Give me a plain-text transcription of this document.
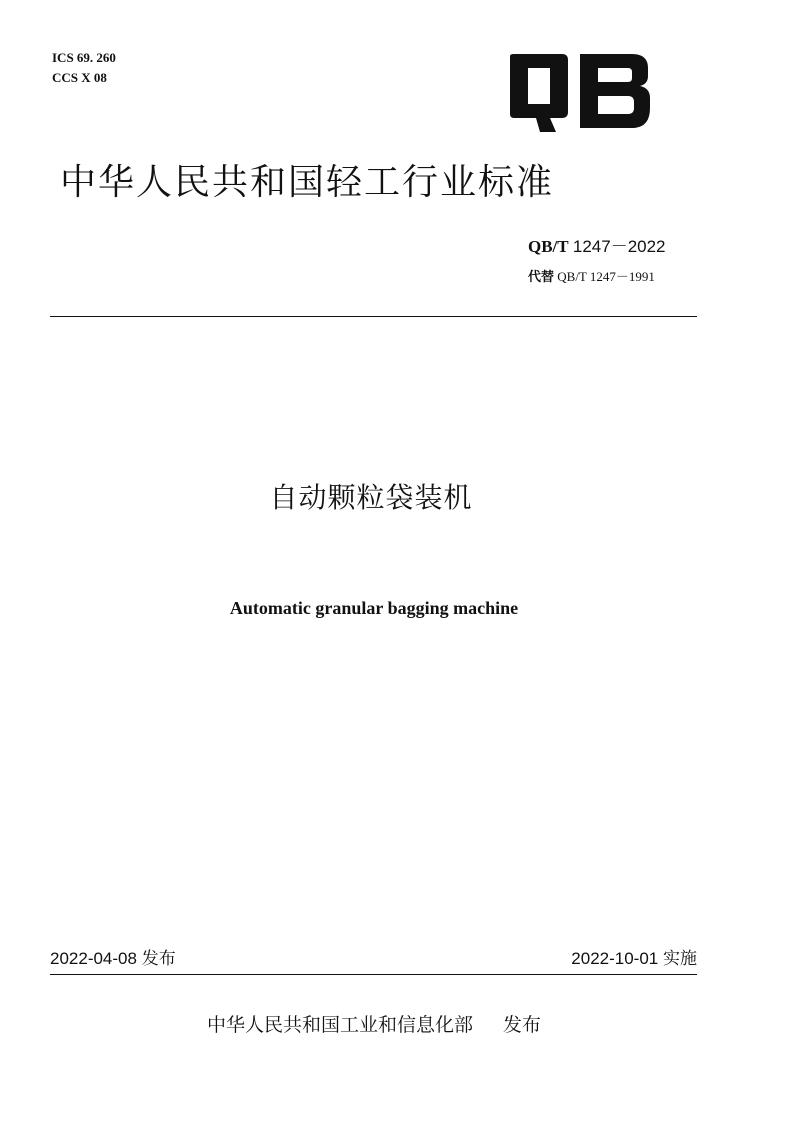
ICS 69. 260
CCS X 08
中华人民共和国轻工行业标准
QB/T 1247－2022
代替 QB/T 1247－1991
自动颗粒袋装机
Automatic granular bagging machine
2022-04-08 发布	2022-10-01 实施
中华人民共和国工业和信息化部 发布
